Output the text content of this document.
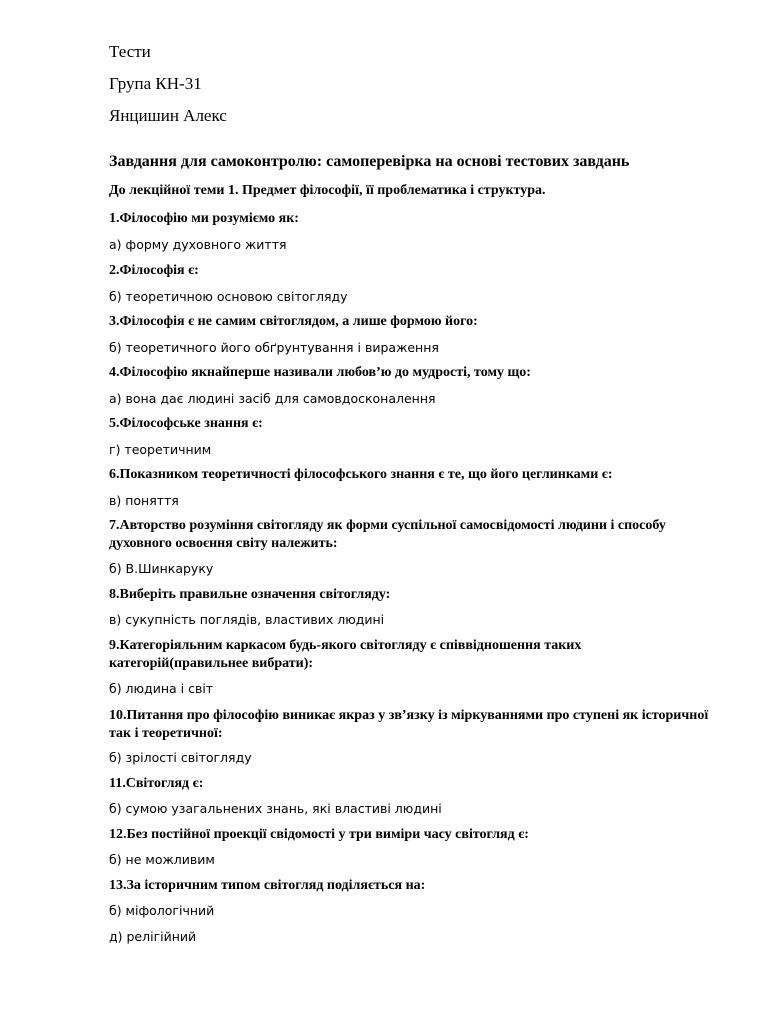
Тести
Група КН-31
Янцишин Алекс
Завдання для самоконтролю: самоперевірка на основі тестових завдань
До лекційної теми 1. Предмет філософії, її проблематика і структура.
1.Філософію ми розуміємо як:
а) форму духовного життя
2.Філософія є:
б) теоретичною основою світогляду
3.Філософія є не самим світоглядом, а лише формою його:
б) теоретичного його обґрунтування і вираження
4.Філософію якнайперше називали любов’ю до мудрості, тому що:
а) вона дає людині засіб для самовдосконалення
5.Філософське знання є:
г) теоретичним
6.Показником теоретичності філософського знання є те, що його цеглинками є:
в) поняття
7.Авторство розуміння світогляду як форми суспільної самосвідомості людини і способу духовного освоєння світу належить:
б) В.Шинкаруку
8.Виберіть правильне означення світогляду:
в) сукупність поглядів, властивих людині
9.Категоріяльним каркасом будь-якого світогляду є співвідношення таких категорій(правильнее вибрати):
б) людина і світ
10.Питання про філософію виникає якраз у зв’язку із міркуваннями про ступені як історичної так і теоретичної:
б) зрілості світогляду
11.Світогляд є:
б) сумою узагальнених знань, які властиві людині
12.Без постійної проекції свідомості у три виміри часу світогляд є:
б) не можливим
13.За історичним типом світогляд поділяється на:
б) міфологічний
д) релігійний
